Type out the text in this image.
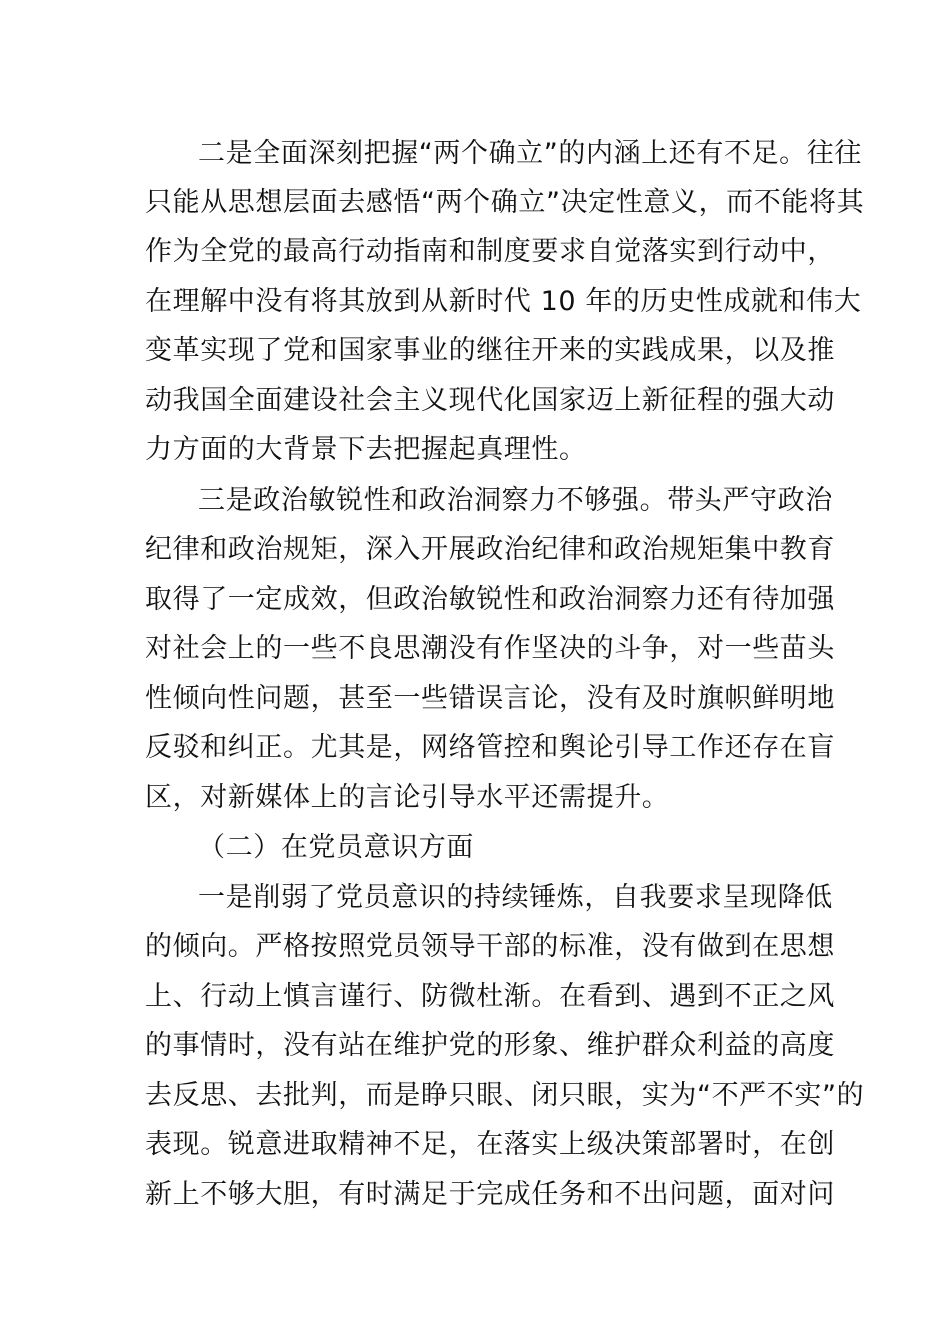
二是全面深刻把握“两个确立”的内涵上还有不足。往往
只能从思想层面去感悟“两个确立”决定性意义，而不能将其
作为全党的最高行动指南和制度要求自觉落实到行动中，
在理解中没有将其放到从新时代 10 年的历史性成就和伟大
变革实现了党和国家事业的继往开来的实践成果，以及推
动我国全面建设社会主义现代化国家迈上新征程的强大动
力方面的大背景下去把握起真理性。
三是政治敏锐性和政治洞察力不够强。带头严守政治
纪律和政治规矩，深入开展政治纪律和政治规矩集中教育
取得了一定成效，但政治敏锐性和政治洞察力还有待加强
对社会上的一些不良思潮没有作坚决的斗争，对一些苗头
性倾向性问题，甚至一些错误言论，没有及时旗帜鲜明地
反驳和纠正。尤其是，网络管控和舆论引导工作还存在盲
区，对新媒体上的言论引导水平还需提升。
（二）在党员意识方面
一是削弱了党员意识的持续锤炼，自我要求呈现降低
的倾向。严格按照党员领导干部的标准，没有做到在思想
上、行动上慎言谨行、防微杜渐。在看到、遇到不正之风
的事情时，没有站在维护党的形象、维护群众利益的高度
去反思、去批判，而是睁只眼、闭只眼，实为“不严不实”的
表现。锐意进取精神不足，在落实上级决策部署时，在创
新上不够大胆，有时满足于完成任务和不出问题，面对问
